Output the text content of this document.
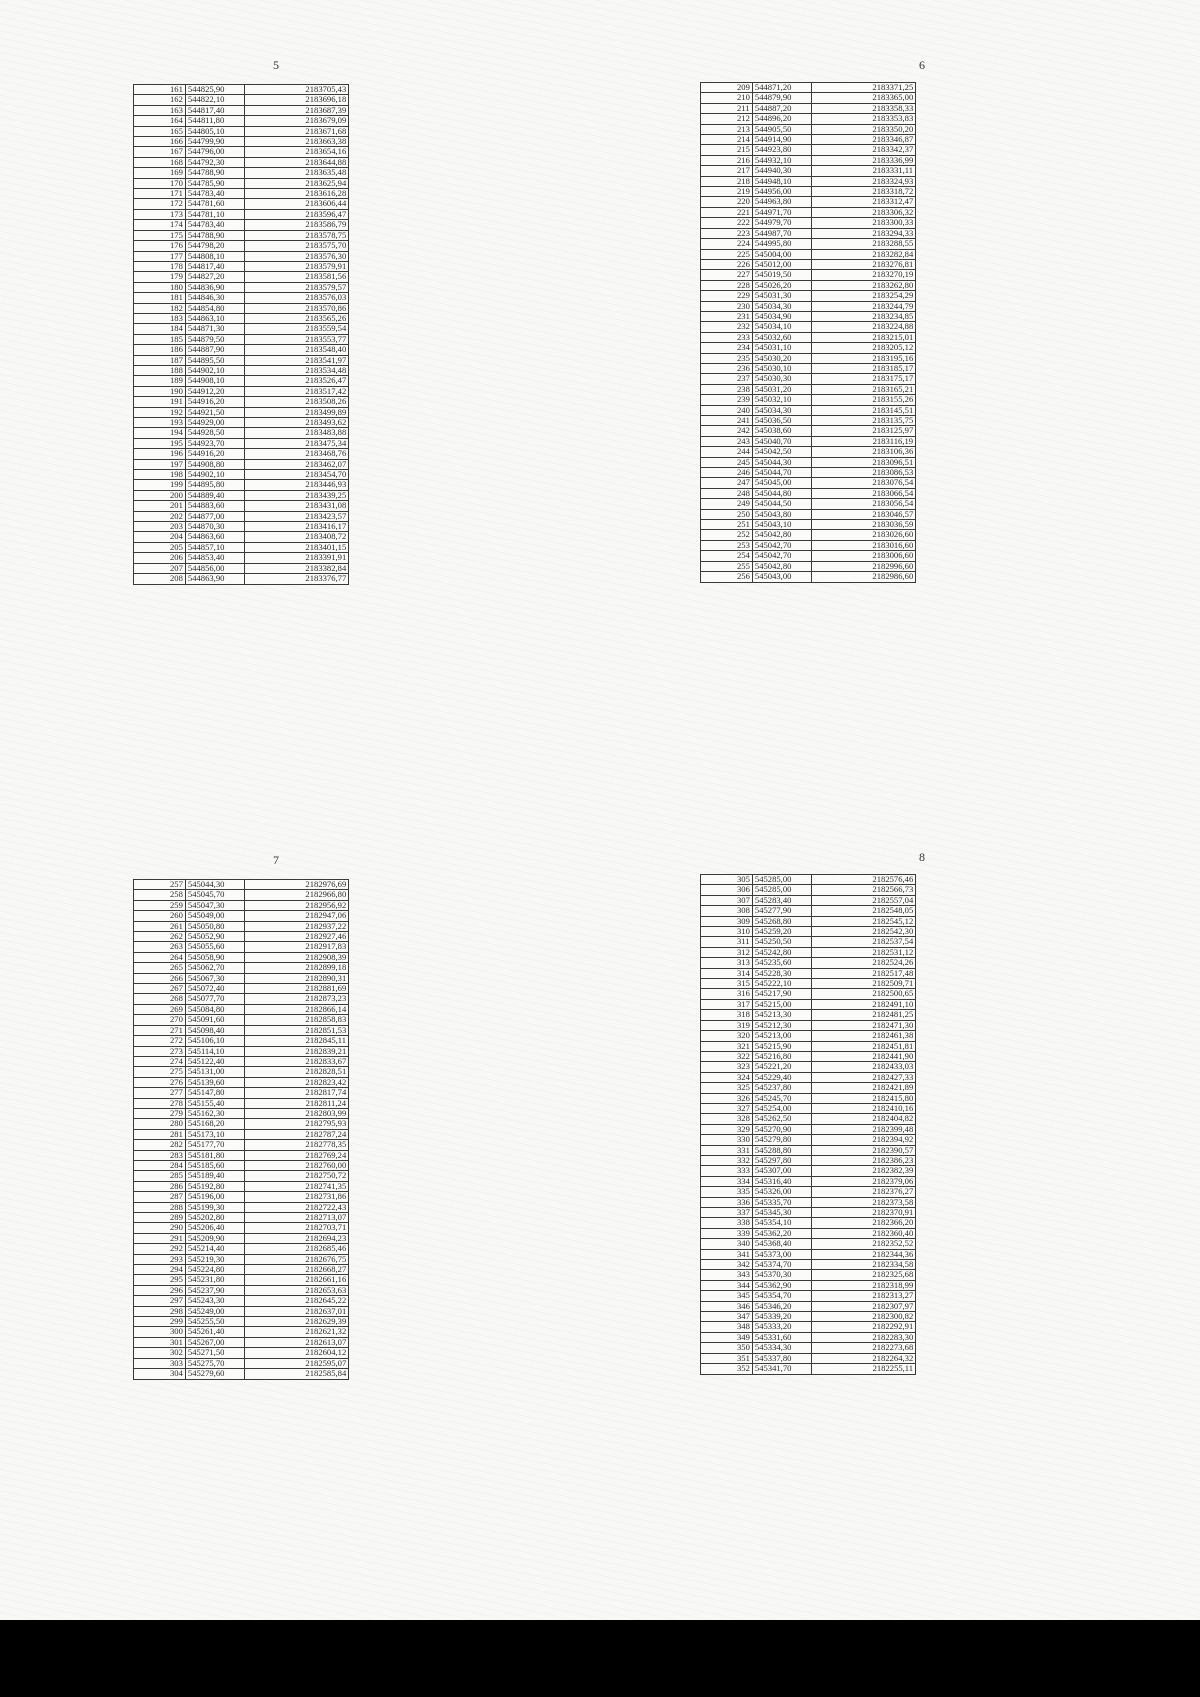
5
161	544825,90	2183705,43
162	544822,10	2183696,18
163	544817,40	2183687,39
164	544811,80	2183679,09
165	544805,10	2183671,68
166	544799,90	2183663,38
167	544796,00	2183654,16
168	544792,30	2183644,88
169	544788,90	2183635,48
170	544785,90	2183625,94
171	544783,40	2183616,28
172	544781,60	2183606,44
173	544781,10	2183596,47
174	544783,40	2183586,79
175	544788,90	2183578,75
176	544798,20	2183575,70
177	544808,10	2183576,30
178	544817,40	2183579,91
179	544827,20	2183581,56
180	544836,90	2183579,57
181	544846,30	2183576,03
182	544854,80	2183570,86
183	544863,10	2183565,26
184	544871,30	2183559,54
185	544879,50	2183553,77
186	544887,90	2183548,40
187	544895,50	2183541,97
188	544902,10	2183534,48
189	544908,10	2183526,47
190	544912,20	2183517,42
191	544916,20	2183508,26
192	544921,50	2183499,89
193	544929,00	2183493,62
194	544928,50	2183483,88
195	544923,70	2183475,34
196	544916,20	2183468,76
197	544908,80	2183462,07
198	544902,10	2183454,70
199	544895,80	2183446,93
200	544889,40	2183439,25
201	544883,60	2183431,08
202	544877,00	2183423,57
203	544870,30	2183416,17
204	544863,60	2183408,72
205	544857,10	2183401,15
206	544853,40	2183391,91
207	544856,00	2183382,84
208	544863,90	2183376,77
6
209	544871,20	2183371,25
210	544879,90	2183365,00
211	544887,20	2183358,33
212	544896,20	2183353,83
213	544905,50	2183350,20
214	544914,90	2183346,87
215	544923,80	2183342,37
216	544932,10	2183336,99
217	544940,30	2183331,11
218	544948,10	2183324,93
219	544956,00	2183318,72
220	544963,80	2183312,47
221	544971,70	2183306,32
222	544979,70	2183300,33
223	544987,70	2183294,33
224	544995,80	2183288,55
225	545004,00	2183282,84
226	545012,00	2183276,81
227	545019,50	2183270,19
228	545026,20	2183262,80
229	545031,30	2183254,29
230	545034,30	2183244,79
231	545034,90	2183234,85
232	545034,10	2183224,88
233	545032,60	2183215,01
234	545031,10	2183205,12
235	545030,20	2183195,16
236	545030,10	2183185,17
237	545030,30	2183175,17
238	545031,20	2183165,21
239	545032,10	2183155,26
240	545034,30	2183145,51
241	545036,50	2183135,75
242	545038,60	2183125,97
243	545040,70	2183116,19
244	545042,50	2183106,36
245	545044,30	2183096,51
246	545044,70	2183086,53
247	545045,00	2183076,54
248	545044,80	2183066,54
249	545044,50	2183056,54
250	545043,80	2183046,57
251	545043,10	2183036,59
252	545042,80	2183026,60
253	545042,70	2183016,60
254	545042,70	2183006,60
255	545042,80	2182996,60
256	545043,00	2182986,60
7
257	545044,30	2182976,69
258	545045,70	2182966,80
259	545047,30	2182956,92
260	545049,00	2182947,06
261	545050,80	2182937,22
262	545052,90	2182927,46
263	545055,60	2182917,83
264	545058,90	2182908,39
265	545062,70	2182899,18
266	545067,30	2182890,31
267	545072,40	2182881,69
268	545077,70	2182873,23
269	545084,80	2182866,14
270	545091,60	2182858,83
271	545098,40	2182851,53
272	545106,10	2182845,11
273	545114,10	2182839,21
274	545122,40	2182833,67
275	545131,00	2182828,51
276	545139,60	2182823,42
277	545147,80	2182817,74
278	545155,40	2182811,24
279	545162,30	2182803,99
280	545168,20	2182795,93
281	545173,10	2182787,24
282	545177,70	2182778,35
283	545181,80	2182769,24
284	545185,60	2182760,00
285	545189,40	2182750,72
286	545192,80	2182741,35
287	545196,00	2182731,86
288	545199,30	2182722,43
289	545202,80	2182713,07
290	545206,40	2182703,71
291	545209,90	2182694,23
292	545214,40	2182685,46
293	545219,30	2182676,75
294	545224,80	2182668,27
295	545231,80	2182661,16
296	545237,90	2182653,63
297	545243,30	2182645,22
298	545249,00	2182637,01
299	545255,50	2182629,39
300	545261,40	2182621,32
301	545267,00	2182613,07
302	545271,50	2182604,12
303	545275,70	2182595,07
304	545279,60	2182585,84
8
305	545285,00	2182576,46
306	545285,00	2182566,73
307	545283,40	2182557,04
308	545277,90	2182548,05
309	545268,80	2182545,12
310	545259,20	2182542,30
311	545250,50	2182537,54
312	545242,80	2182531,12
313	545235,60	2182524,26
314	545228,30	2182517,48
315	545222,10	2182509,71
316	545217,90	2182500,65
317	545215,00	2182491,10
318	545213,30	2182481,25
319	545212,30	2182471,30
320	545213,00	2182461,38
321	545215,90	2182451,81
322	545216,80	2182441,90
323	545221,20	2182433,03
324	545229,40	2182427,33
325	545237,80	2182421,89
326	545245,70	2182415,80
327	545254,00	2182410,16
328	545262,50	2182404,82
329	545270,90	2182399,48
330	545279,80	2182394,92
331	545288,80	2182390,57
332	545297,80	2182386,23
333	545307,00	2182382,39
334	545316,40	2182379,06
335	545326,00	2182376,27
336	545335,70	2182373,58
337	545345,30	2182370,91
338	545354,10	2182366,20
339	545362,20	2182360,40
340	545368,40	2182352,52
341	545373,00	2182344,36
342	545374,70	2182334,58
343	545370,30	2182325,68
344	545362,90	2182318,99
345	545354,70	2182313,27
346	545346,20	2182307,97
347	545339,20	2182300,82
348	545333,20	2182292,91
349	545331,60	2182283,30
350	545334,30	2182273,68
351	545337,80	2182264,32
352	545341,70	2182255,11
